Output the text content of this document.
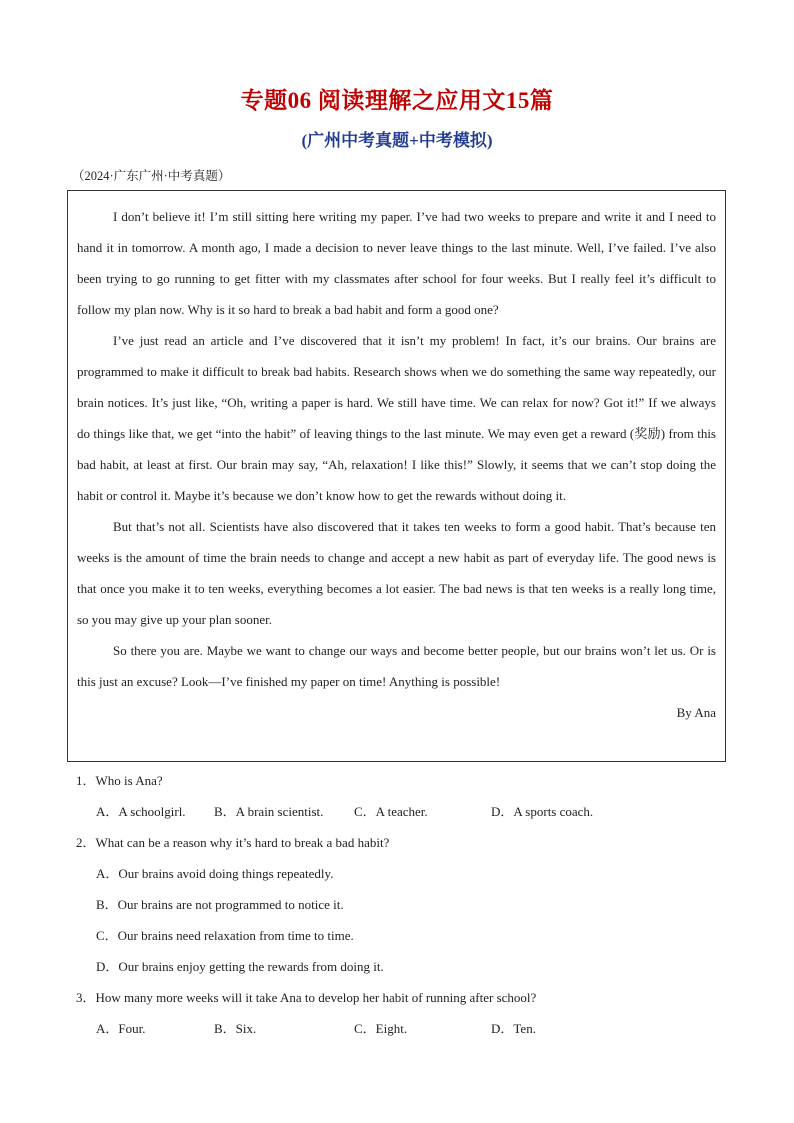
专题06 阅读理解之应用文15篇
(广州中考真题+中考模拟)
（2024·广东广州·中考真题）

I don’t believe it! I’m still sitting here writing my paper. I’ve had two weeks to prepare and write it and I need to hand it in tomorrow. A month ago, I made a decision to never leave things to the last minute. Well, I’ve failed. I’ve also been trying to go running to get fitter with my classmates after school for four weeks. But I really feel it’s difficult to follow my plan now. Why is it so hard to break a bad habit and form a good one?

I’ve just read an article and I’ve discovered that it isn’t my problem! In fact, it’s our brains. Our brains are programmed to make it difficult to break bad habits. Research shows when we do something the same way repeatedly, our brain notices. It’s just like, “Oh, writing a paper is hard. We still have time. We can relax for now? Got it!” If we always do things like that, we get “into the habit” of leaving things to the last minute. We may even get a reward (奖励) from this bad habit, at least at first. Our brain may say, “Ah, relaxation! I like this!” Slowly, it seems that we can’t stop doing the habit or control it. Maybe it’s because we don’t know how to get the rewards without doing it.

But that’s not all. Scientists have also discovered that it takes ten weeks to form a good habit. That’s because ten weeks is the amount of time the brain needs to change and accept a new habit as part of everyday life. The good news is that once you make it to ten weeks, everything becomes a lot easier. The bad news is that ten weeks is a really long time, so you may give up your plan sooner.

So there you are. Maybe we want to change our ways and become better people, but our brains won’t let us. Or is this just an excuse? Look—I’ve finished my paper on time! Anything is possible!

By Ana

1．Who is Ana?
A．A schoolgirl.	B．A brain scientist.	C．A teacher.	D．A sports coach.
2．What can be a reason why it’s hard to break a bad habit?
A．Our brains avoid doing things repeatedly.
B．Our brains are not programmed to notice it.
C．Our brains need relaxation from time to time.
D．Our brains enjoy getting the rewards from doing it.
3．How many more weeks will it take Ana to develop her habit of running after school?
A．Four.	B．Six.	C．Eight.	D．Ten.
